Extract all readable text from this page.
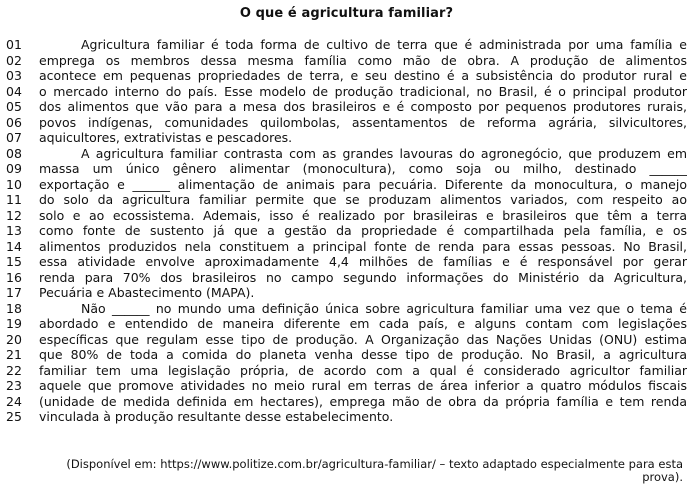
O que é agricultura familiar?
01	Agricultura familiar é toda forma de cultivo de terra que é administrada por uma família e
02	emprega os membros dessa mesma família como mão de obra. A produção de alimentos
03	acontece em pequenas propriedades de terra, e seu destino é a subsistência do produtor rural e
04	o mercado interno do país. Esse modelo de produção tradicional, no Brasil, é o principal produtor
05	dos alimentos que vão para a mesa dos brasileiros e é composto por pequenos produtores rurais,
06	povos indígenas, comunidades quilombolas, assentamentos de reforma agrária, silvicultores,
07	aquicultores, extrativistas e pescadores.
08	A agricultura familiar contrasta com as grandes lavouras do agronegócio, que produzem em
09	massa um único gênero alimentar (monocultura), como soja ou milho, destinado ______
10	exportação e ______ alimentação de animais para pecuária. Diferente da monocultura, o manejo
11	do solo da agricultura familiar permite que se produzam alimentos variados, com respeito ao
12	solo e ao ecossistema. Ademais, isso é realizado por brasileiras e brasileiros que têm a terra
13	como fonte de sustento já que a gestão da propriedade é compartilhada pela família, e os
14	alimentos produzidos nela constituem a principal fonte de renda para essas pessoas. No Brasil,
15	essa atividade envolve aproximadamente 4,4 milhões de famílias e é responsável por gerar
16	renda para 70% dos brasileiros no campo segundo informações do Ministério da Agricultura,
17	Pecuária e Abastecimento (MAPA).
18	Não ______ no mundo uma definição única sobre agricultura familiar uma vez que o tema é
19	abordado e entendido de maneira diferente em cada país, e alguns contam com legislações
20	específicas que regulam esse tipo de produção. A Organização das Nações Unidas (ONU) estima
21	que 80% de toda a comida do planeta venha desse tipo de produção. No Brasil, a agricultura
22	familiar tem uma legislação própria, de acordo com a qual é considerado agricultor familiar
23	aquele que promove atividades no meio rural em terras de área inferior a quatro módulos fiscais
24	(unidade de medida definida em hectares), emprega mão de obra da própria família e tem renda
25	vinculada à produção resultante desse estabelecimento.
(Disponível em: https://www.politize.com.br/agricultura-familiar/ – texto adaptado especialmente para esta prova).
